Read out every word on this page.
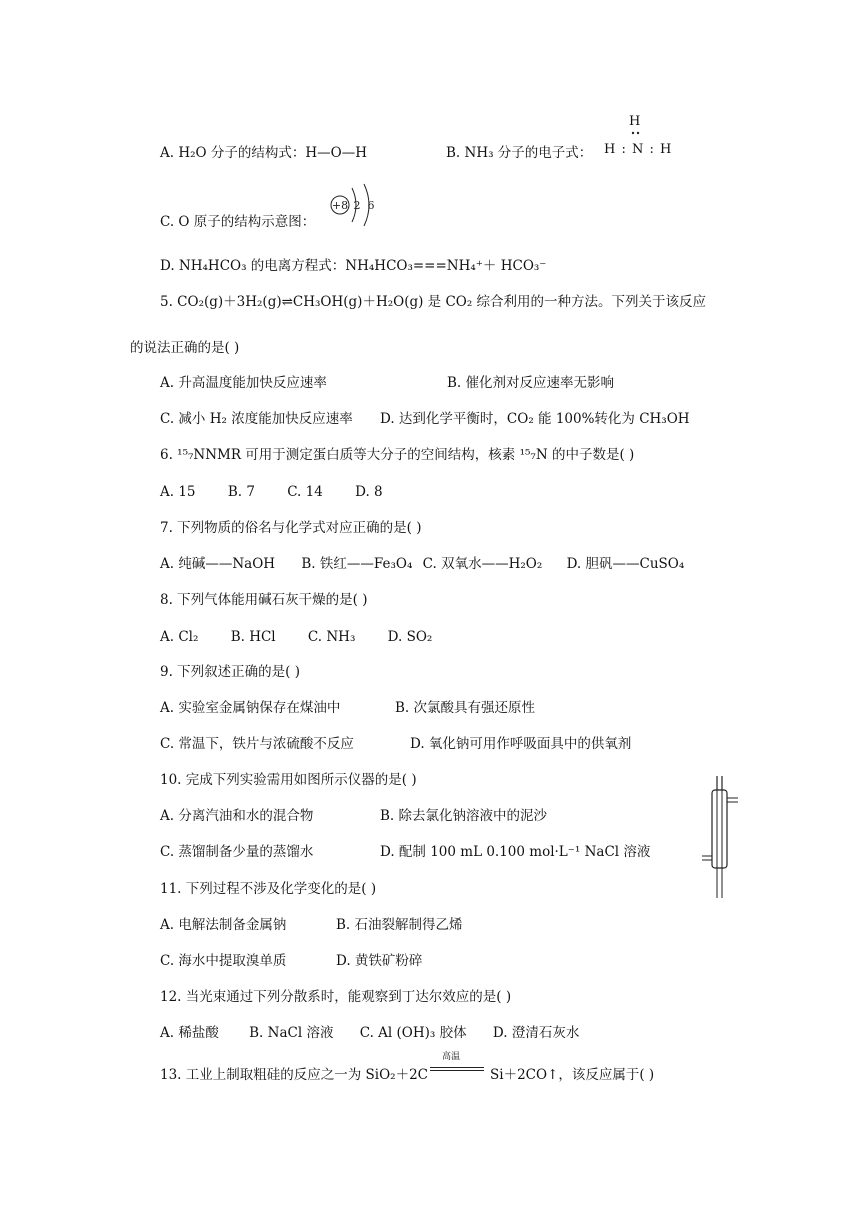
A. H₂O 分子的结构式：H—O—H	B. NH₃ 分子的电子式：
H
H : N : H
C. O 原子的结构示意图：
+8 2 6
D. NH₄HCO₃ 的电离方程式：NH₄HCO₃===NH₄⁺＋ HCO₃⁻
5. CO₂(g)＋3H₂(g)⇌CH₃OH(g)＋H₂O(g) 是 CO₂ 综合利用的一种方法。下列关于该反应
的说法正确的是( )
A. 升高温度能加快反应速率	B. 催化剂对反应速率无影响
C. 减小 H₂ 浓度能加快反应速率 D. 达到化学平衡时，CO₂ 能 100%转化为 CH₃OH
6. ¹⁵₇NNMR 可用于测定蛋白质等大分子的空间结构，核素 ¹⁵₇N 的中子数是( )
A. 15 B. 7 C. 14 D. 8
7. 下列物质的俗名与化学式对应正确的是( )
A. 纯碱——NaOH B. 铁红——Fe₃O₄ C. 双氧水——H₂O₂ D. 胆矾——CuSO₄
8. 下列气体能用碱石灰干燥的是( )
A. Cl₂ B. HCl C. NH₃ D. SO₂
9. 下列叙述正确的是( )
A. 实验室金属钠保存在煤油中	B. 次氯酸具有强还原性
C. 常温下，铁片与浓硫酸不反应	D. 氧化钠可用作呼吸面具中的供氧剂
10. 完成下列实验需用如图所示仪器的是( )
A. 分离汽油和水的混合物	B. 除去氯化钠溶液中的泥沙
C. 蒸馏制备少量的蒸馏水	D. 配制 100 mL 0.100 mol·L⁻¹ NaCl 溶液
11. 下列过程不涉及化学变化的是( )
A. 电解法制备金属钠	B. 石油裂解制得乙烯
C. 海水中提取溴单质	D. 黄铁矿粉碎
12. 当光束通过下列分散系时，能观察到丁达尔效应的是( )
A. 稀盐酸 B. NaCl 溶液 C. Al (OH)₃ 胶体 D. 澄清石灰水
13. 工业上制取粗硅的反应之一为 SiO₂＋2C
高温
Si＋2CO↑，该反应属于( )
